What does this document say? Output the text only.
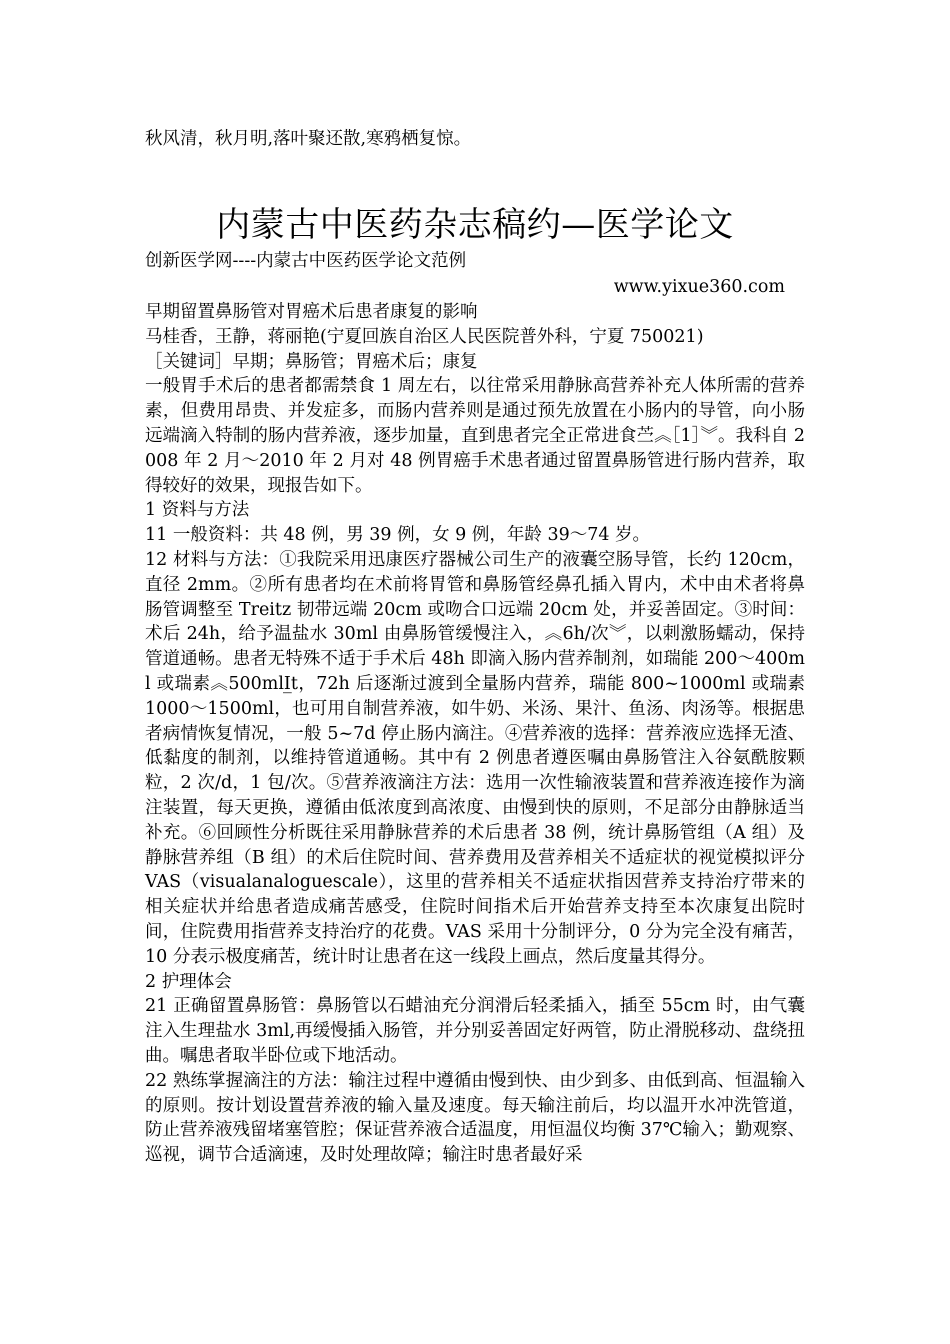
秋风清，秋月明,落叶聚还散,寒鸦栖复惊。
内蒙古中医药杂志稿约—医学论文
创新医学网----内蒙古中医药医学论文范例
www.yixue360.com

早期留置鼻肠管对胃癌术后患者康复的影响

马桂香，王静，蒋丽艳(宁夏回族自治区人民医院普外科，宁夏 750021)

［关键词］早期；鼻肠管；胃癌术后；康复

一般胃手术后的患者都需禁食 1 周左右，以往常采用静脉高营养补充人体所需的营养素，但费用昂贵、并发症多，而肠内营养则是通过预先放置在小肠内的导管，向小肠远端滴入特制的肠内营养液，逐步加量，直到患者完全正常进食苎︽［1］︾。我科自 2008 年 2 月～2010 年 2 月对 48 例胃癌手术患者通过留置鼻肠管进行肠内营养，取得较好的效果，现报告如下。

1 资料与方法

11 一般资料：共 48 例，男 39 例，女 9 例，年龄 39～74 岁。

12 材料与方法：①我院采用迅康医疗器械公司生产的液囊空肠导管，长约 120cm，直径 2mm。②所有患者均在术前将胃管和鼻肠管经鼻孔插入胃内，术中由术者将鼻肠管调整至 Treitz 韧带远端 20cm 或吻合口远端 20cm 处，并妥善固定。③时间：术后 24h，给予温盐水 30ml 由鼻肠管缓慢注入，︽6h/次︾，以刺激肠蠕动，保持管道通畅。患者无特殊不适于手术后 48h 即滴入肠内营养制剂，如瑞能 200～400ml 或瑞素︽500mlI̲t，72h 后逐渐过渡到全量肠内营养，瑞能 800~1000ml 或瑞素 1000～1500ml，也可用自制营养液，如牛奶、米汤、果汁、鱼汤、肉汤等。根据患者病情恢复情况，一般 5~7d 停止肠内滴注。④营养液的选择：营养液应选择无渣、低黏度的制剂，以维持管道通畅。其中有 2 例患者遵医嘱由鼻肠管注入谷氨酰胺颗粒，2 次/d，1 包/次。⑤营养液滴注方法：选用一次性输液装置和营养液连接作为滴注装置，每天更换，遵循由低浓度到高浓度、由慢到快的原则，不足部分由静脉适当补充。⑥回顾性分析既往采用静脉营养的术后患者 38 例，统计鼻肠管组（A 组）及静脉营养组（B 组）的术后住院时间、营养费用及营养相关不适症状的视觉模拟评分 VAS（visualanaloguescale），这里的营养相关不适症状指因营养支持治疗带来的相关症状并给患者造成痛苦感受，住院时间指术后开始营养支持至本次康复出院时间，住院费用指营养支持治疗的花费。VAS 采用十分制评分，0 分为完全没有痛苦，10 分表示极度痛苦，统计时让患者在这一线段上画点，然后度量其得分。

2 护理体会

21 正确留置鼻肠管：鼻肠管以石蜡油充分润滑后轻柔插入，插至 55cm 时，由气囊注入生理盐水 3ml,再缓慢插入肠管，并分别妥善固定好两管，防止滑脱移动、盘绕扭曲。嘱患者取半卧位或下地活动。

22 熟练掌握滴注的方法：输注过程中遵循由慢到快、由少到多、由低到高、恒温输入的原则。按计划设置营养液的输入量及速度。每天输注前后，均以温开水冲洗管道，防止营养液残留堵塞管腔；保证营养液合适温度，用恒温仪均衡 37℃输入；勤观察、巡视，调节合适滴速，及时处理故障；输注时患者最好采
